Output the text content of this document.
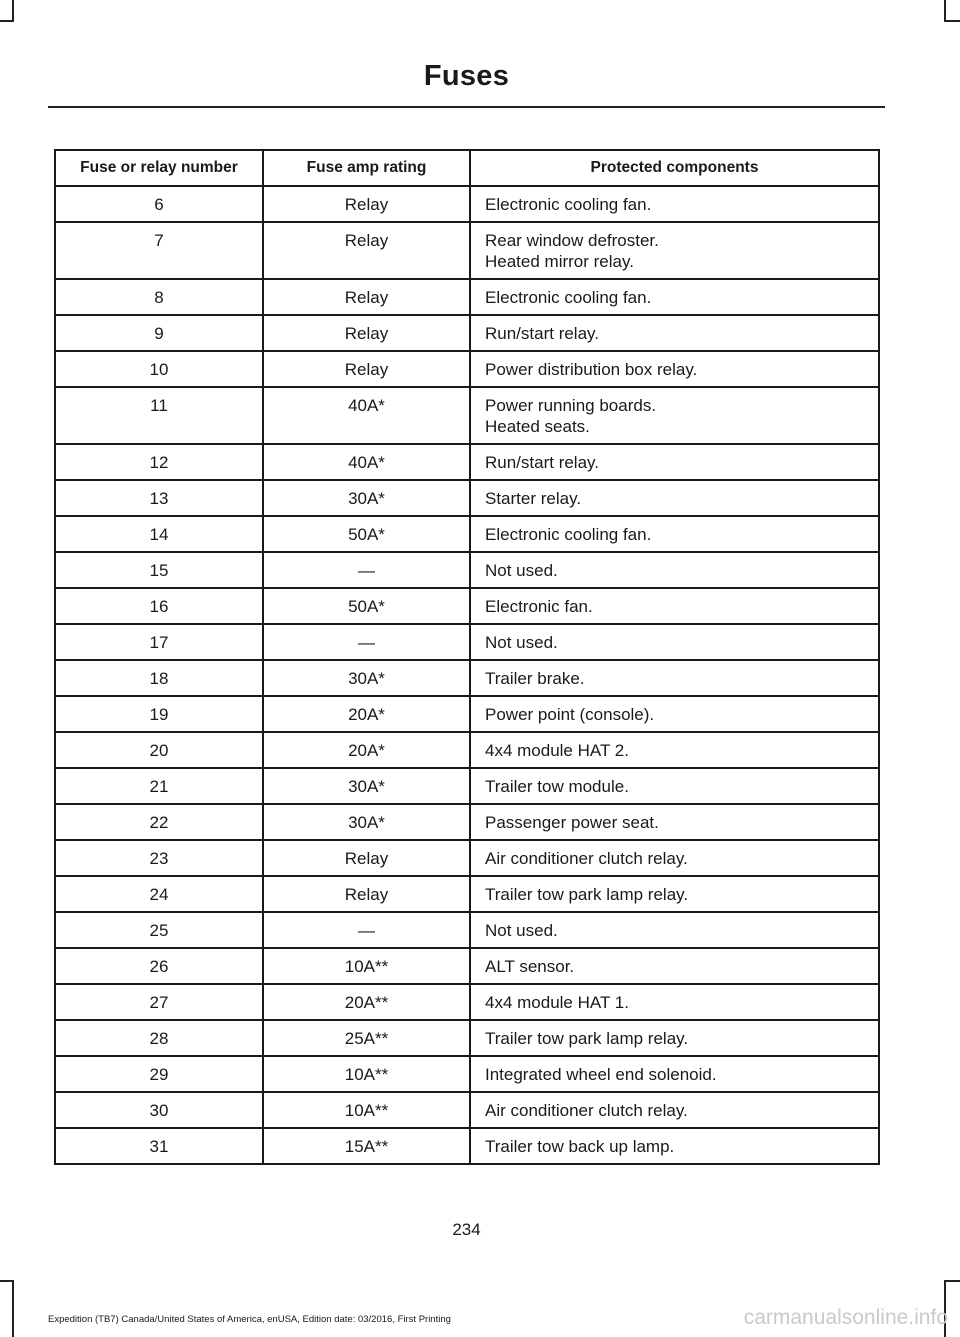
Fuses
Fuse or relay number	Fuse amp rating	Protected components
6	Relay	Electronic cooling fan.

7	Relay	Rear window defroster.
Heated mirror relay.

8	Relay	Electronic cooling fan.

9	Relay	Run/start relay.

10	Relay	Power distribution box relay.

11	40A*	Power running boards.
Heated seats.

12	40A*	Run/start relay.

13	30A*	Starter relay.

14	50A*	Electronic cooling fan.

15	—	Not used.

16	50A*	Electronic fan.

17	—	Not used.

18	30A*	Trailer brake.

19	20A*	Power point (console).

20	20A*	4x4 module HAT 2.

21	30A*	Trailer tow module.

22	30A*	Passenger power seat.

23	Relay	Air conditioner clutch relay.

24	Relay	Trailer tow park lamp relay.

25	—	Not used.

26	10A**	ALT sensor.

27	20A**	4x4 module HAT 1.

28	25A**	Trailer tow park lamp relay.

29	10A**	Integrated wheel end solenoid.

30	10A**	Air conditioner clutch relay.

31	15A**	Trailer tow back up lamp.
234
Expedition (TB7) Canada/United States of America, enUSA, Edition date: 03/2016, First Printing	carmanualsonline.info
